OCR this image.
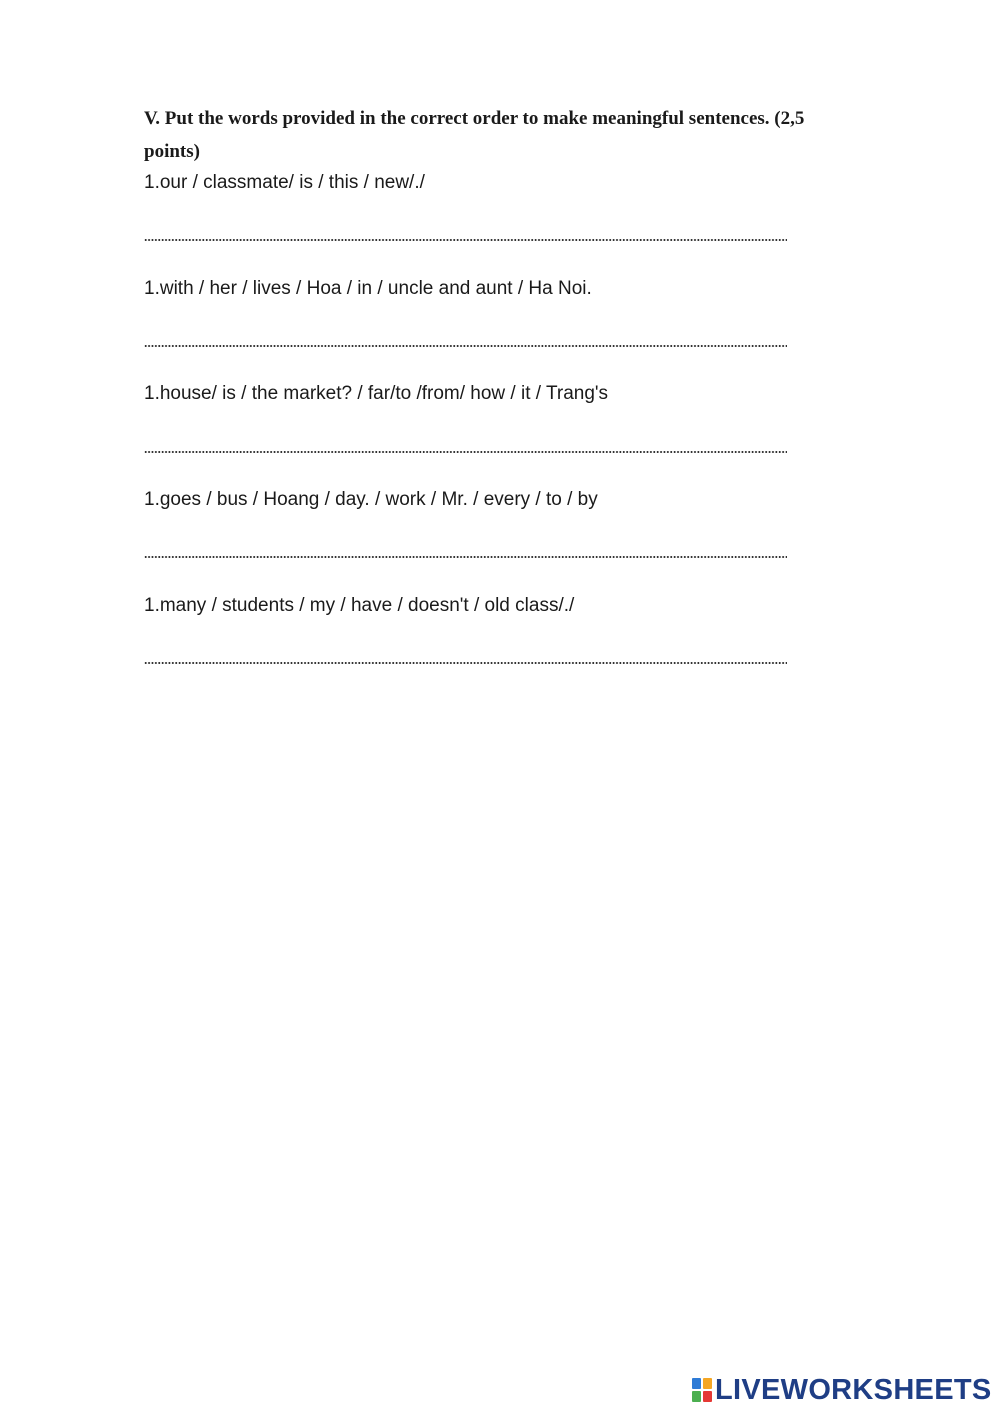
V. Put the words provided in the correct order to make meaningful sentences. (2,5 points)
1.our / classmate/ is / this / new/./
1.with / her / lives / Hoa / in / uncle and aunt / Ha Noi.
1.house/ is / the market? / far/to /from/ how / it / Trang's
1.goes / bus / Hoang / day. / work / Mr. / every / to / by
1.many / students / my / have / doesn't / old class/./
LIVEWORKSHEETS
